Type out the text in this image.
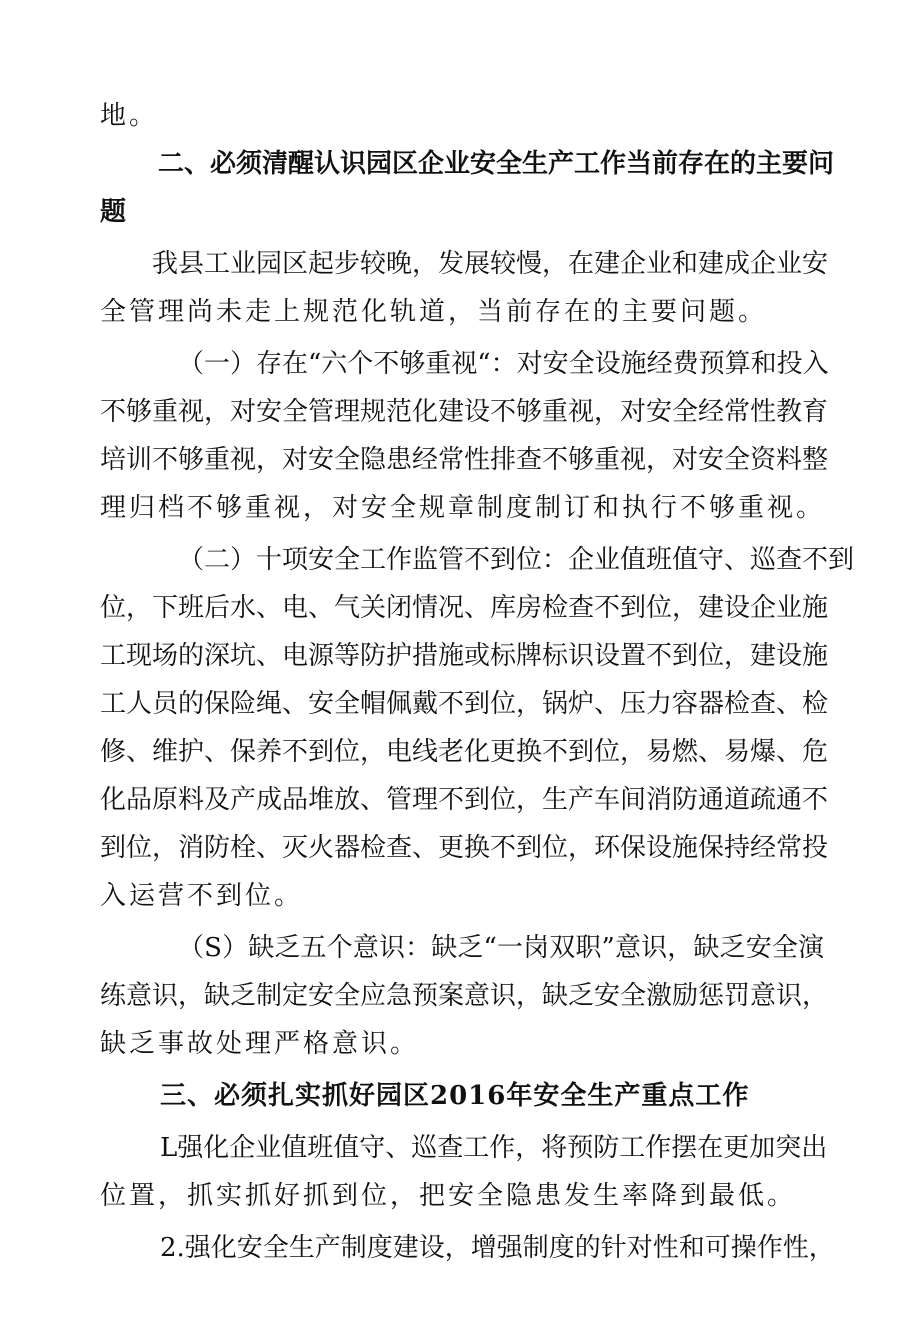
地。
二、必须清醒认识园区企业安全生产工作当前存在的主要问
题
我县工业园区起步较晚，发展较慢，在建企业和建成企业安
全管理尚未走上规范化轨道，当前存在的主要问题。
（一）存在“六个不够重视“：对安全设施经费预算和投入
不够重视，对安全管理规范化建设不够重视，对安全经常性教育
培训不够重视，对安全隐患经常性排查不够重视，对安全资料整
理归档不够重视，对安全规章制度制订和执行不够重视。
（二）十项安全工作监管不到位：企业值班值守、巡查不到
位，下班后水、电、气关闭情况、库房检查不到位，建设企业施
工现场的深坑、电源等防护措施或标牌标识设置不到位，建设施
工人员的保险绳、安全帽佩戴不到位，锅炉、压力容器检查、检
修、维护、保养不到位，电线老化更换不到位，易燃、易爆、危
化品原料及产成品堆放、管理不到位，生产车间消防通道疏通不
到位，消防栓、灭火器检查、更换不到位，环保设施保持经常投
入运营不到位。
（S）缺乏五个意识：缺乏“一岗双职”意识，缺乏安全演
练意识，缺乏制定安全应急预案意识，缺乏安全激励惩罚意识，
缺乏事故处理严格意识。
三、必须扎实抓好园区2016年安全生产重点工作
L强化企业值班值守、巡查工作，将预防工作摆在更加突出
位置，抓实抓好抓到位，把安全隐患发生率降到最低。
2.强化安全生产制度建设，增强制度的针对性和可操作性，
